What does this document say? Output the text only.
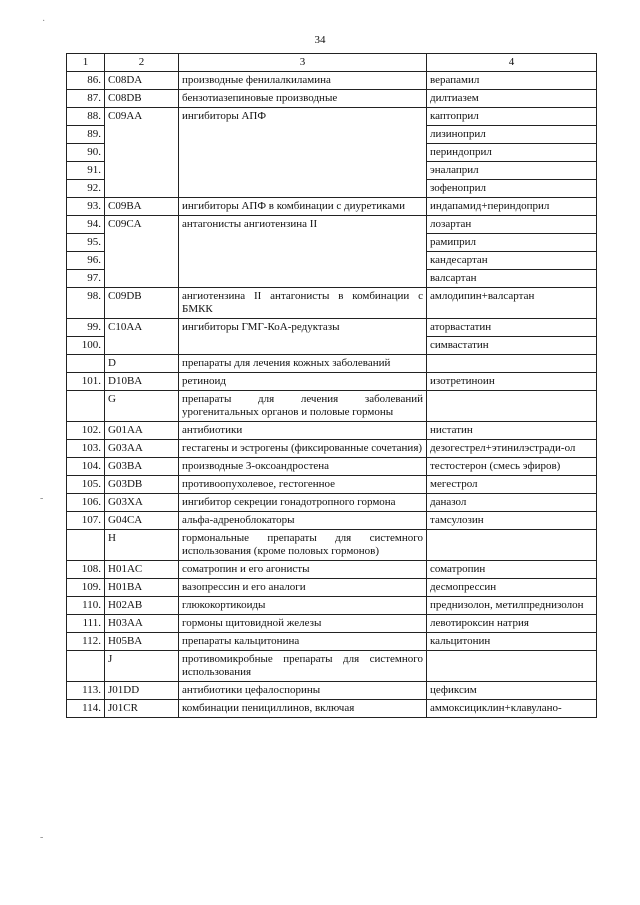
34
·
-
-
1	2	3	4
86.	C08DA	производные фенилалкиламина	верапамил
87.	C08DB	бензотиазепиновые производные	дилтиазем
88.	C09AA	ингибиторы АПФ	каптоприл
89.			лизиноприл
90.			периндоприл
91.			эналаприл
92.			зофеноприл
93.	C09BA	ингибиторы АПФ в комбинации с диуретиками	индапамид+периндоприл
94.	C09CA	антагонисты ангиотензина II	лозартан
95.			рамиприл
96.			кандесартан
97.			валсартан
98.	C09DB	ангиотензина II антагонисты в комбинации с БМКК	амлодипин+валсартан
99.	C10AA	ингибиторы ГМГ-КоА-редуктазы	аторвастатин
100.			симвастатин
	D	препараты для лечения кожных заболеваний	
101.	D10BA	ретиноид	изотретиноин
	G	препараты для лечения заболеваний урогенитальных органов и половые гормоны	
102.	G01AA	антибиотики	нистатин
103.	G03AA	гестагены и эстрогены (фиксированные сочетания)	дезогестрел+этинилэстради-ол
104.	G03BA	производные 3-оксоандростена	тестостерон (смесь эфиров)
105.	G03DB	противоопухолевое, гестогенное	мегестрол
106.	G03XA	ингибитор секреции гонадотропного гормона	даназол
107.	G04CA	альфа-адреноблокаторы	тамсулозин
	H	гормональные препараты для системного использования (кроме половых гормонов)	
108.	H01AC	соматропин и его агонисты	соматропин
109.	H01BA	вазопрессин и его аналоги	десмопрессин
110.	H02AB	глюкокортикоиды	преднизолон, метилпреднизолон
111.	H03AA	гормоны щитовидной железы	левотироксин натрия
112.	H05BA	препараты кальцитонина	кальцитонин
	J	противомикробные препараты для системного использования	
113.	J01DD	антибиотики цефалоспорины	цефиксим
114.	J01CR	комбинации пенициллинов, включая	аммоксициклин+клавулано-
